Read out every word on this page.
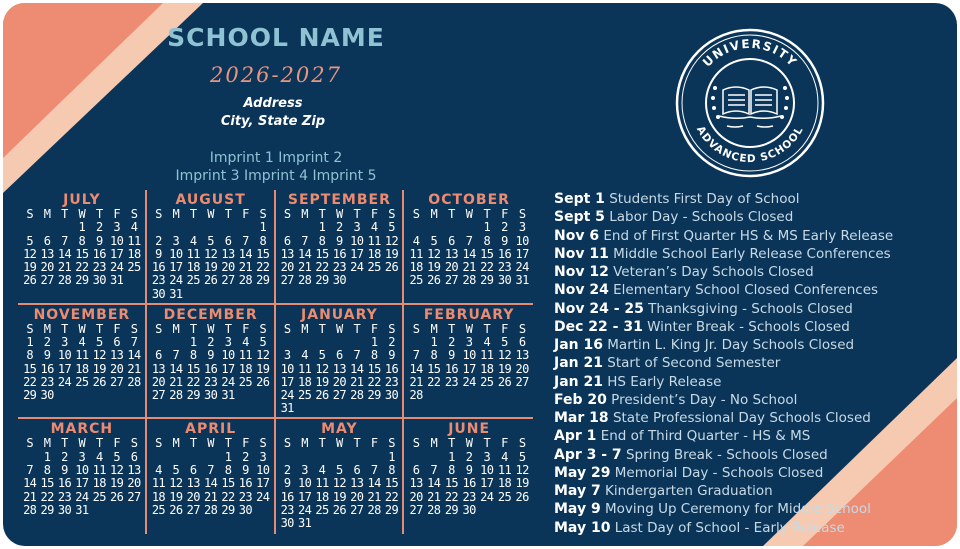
SCHOOL NAME
2026-2027
Address
City, State Zip
Imprint 1 Imprint 2
Imprint 3 Imprint 4 Imprint 5
UNIVERSITY
ADVANCED SCHOOL
JULY
S M T W T F S
1 2 3 4
5 6 7 8 9 10 11
12 13 14 15 16 17 18
19 20 21 22 23 24 25
26 27 28 29 30 31
AUGUST
S M T W T F S
1
2 3 4 5 6 7 8
9 10 11 12 13 14 15
16 17 18 19 20 21 22
23 24 25 26 27 28 29
30 31
SEPTEMBER
S M T W T F S
1 2 3 4 5
6 7 8 9 10 11 12
13 14 15 16 17 18 19
20 21 22 23 24 25 26
27 28 29 30
OCTOBER
S M T W T F S
1 2 3
4 5 6 7 8 9 10
11 12 13 14 15 16 17
18 19 20 21 22 23 24
25 26 27 28 29 30 31
NOVEMBER
S M T W T F S
1 2 3 4 5 6 7
8 9 10 11 12 13 14
15 16 17 18 19 20 21
22 23 24 25 26 27 28
29 30
DECEMBER
S M T W T F S
1 2 3 4 5
6 7 8 9 10 11 12
13 14 15 16 17 18 19
20 21 22 23 24 25 26
27 28 29 30 31
JANUARY
S M T W T F S
1 2
3 4 5 6 7 8 9
10 11 12 13 14 15 16
17 18 19 20 21 22 23
24 25 26 27 28 29 30
31
FEBRUARY
S M T W T F S
1 2 3 4 5 6
7 8 9 10 11 12 13
14 15 16 17 18 19 20
21 22 23 24 25 26 27
28
MARCH
S M T W T F S
1 2 3 4 5 6
7 8 9 10 11 12 13
14 15 16 17 18 19 20
21 22 23 24 25 26 27
28 29 30 31
APRIL
S M T W T F S
1 2 3
4 5 6 7 8 9 10
11 12 13 14 15 16 17
18 19 20 21 22 23 24
25 26 27 28 29 30
MAY
S M T W T F S
1
2 3 4 5 6 7 8
9 10 11 12 13 14 15
16 17 18 19 20 21 22
23 24 25 26 27 28 29
30 31
JUNE
S M T W T F S
1 2 3 4 5
6 7 8 9 10 11 12
13 14 15 16 17 18 19
20 21 22 23 24 25 26
27 28 29 30
Sept 1 Students First Day of School
Sept 5 Labor Day - Schools Closed
Nov 6 End of First Quarter HS & MS Early Release
Nov 11 Middle School Early Release Conferences
Nov 12 Veteran’s Day Schools Closed
Nov 24 Elementary School Closed Conferences
Nov 24 - 25 Thanksgiving - Schools Closed
Dec 22 - 31 Winter Break - Schools Closed
Jan 16 Martin L. King Jr. Day Schools Closed
Jan 21 Start of Second Semester
Jan 21 HS Early Release
Feb 20 President’s Day - No School
Mar 18 State Professional Day Schools Closed
Apr 1 End of Third Quarter - HS & MS
Apr 3 - 7 Spring Break - Schools Closed
May 29 Memorial Day - Schools Closed
May 7 Kindergarten Graduation
May 9 Moving Up Ceremony for Middle School
May 10 Last Day of School - Early Release
